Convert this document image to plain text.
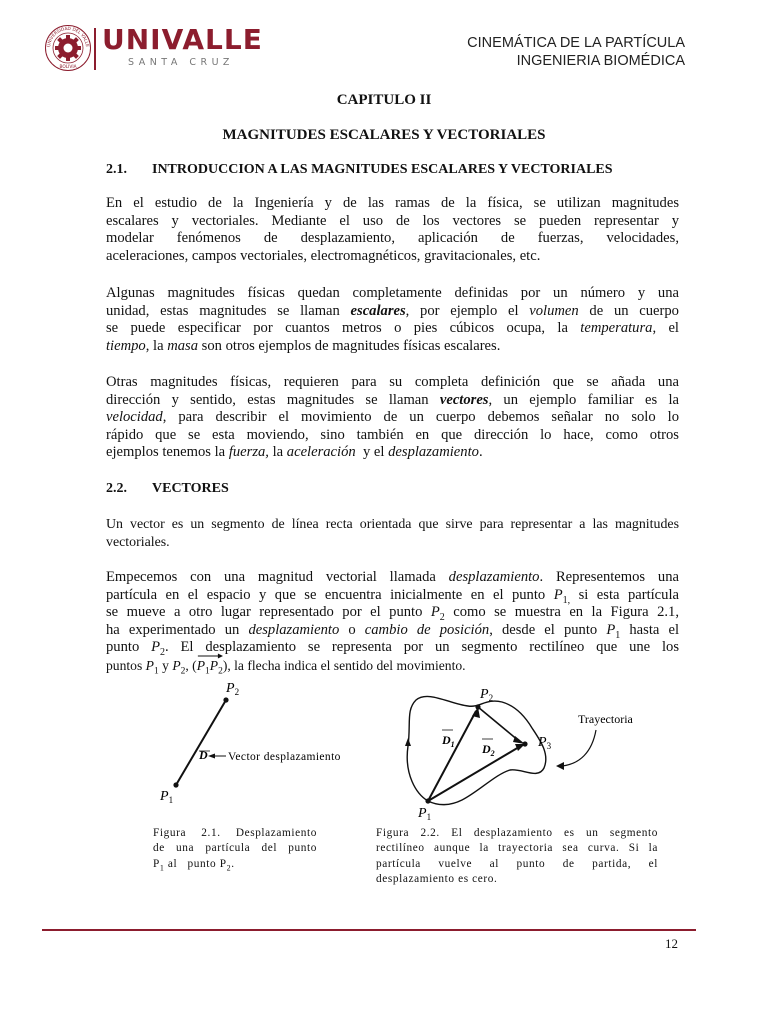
UNIVERSIDAD DEL VALLE
BOLIVIA
UNIVALLE
SANTA CRUZ
CINEMÁTICA DE LA PARTÍCULA
INGENIERIA BIOMÉDICA
CAPITULO II
MAGNITUDES ESCALARES Y VECTORIALES
2.1. INTRODUCCION A LAS MAGNITUDES ESCALARES Y VECTORIALES
En el estudio de la Ingeniería y de las ramas de la física, se utilizan magnitudes
escalares y vectoriales. Mediante el uso de los vectores se pueden representar y
modelar fenómenos de desplazamiento, aplicación de fuerzas, velocidades,
aceleraciones, campos vectoriales, electromagnéticos, gravitacionales, etc.
Algunas magnitudes físicas quedan completamente definidas por un número y una
unidad, estas magnitudes se llaman escalares, por ejemplo el volumen de un cuerpo
se puede especificar por cuantos metros o pies cúbicos ocupa, la temperatura, el
tiempo, la masa son otros ejemplos de magnitudes físicas escalares.
Otras magnitudes físicas, requieren para su completa definición que se añada una
dirección y sentido, estas magnitudes se llaman vectores, un ejemplo familiar es la
velocidad, para describir el movimiento de un cuerpo debemos señalar no solo lo
rápido que se esta moviendo, sino también en que dirección lo hace, como otros
ejemplos tenemos la fuerza, la aceleración  y el desplazamiento.
2.2. VECTORES
Un vector es un segmento de línea recta orientada que sirve para representar a las magnitudes
vectoriales.
Empecemos con una magnitud vectorial llamada desplazamiento. Representemos una
partícula en el espacio y que se encuentra inicialmente en el punto $P_{1,}$ si esta partícula
se mueve a otro lugar representado por el punto $P_2$ como se muestra en la Figura 2.1,
ha experimentado un desplazamiento o cambio de posición, desde el punto $P_1$ hasta el
punto $P_2$. El desplazamiento se representa por un segmento rectilíneo que une los
puntos $P_1$ y $P_2$, (
$P_1P_2$), la flecha indica el sentido del movimiento.
$P_1$
$P_2$
D Vector desplazamiento
Figura 2.1. Desplazamiento
de una partícula del punto
$P_1$ al   punto $P_2$.
$P_1$
$P_2$
$P_3$
$D_1$ $D_2$
Trayectoria
Figura 2.2. El desplazamiento es un segmento
rectilíneo aunque la trayectoria sea curva. Si la
partícula vuelve al punto de partida, el
desplazamiento es cero.
12
